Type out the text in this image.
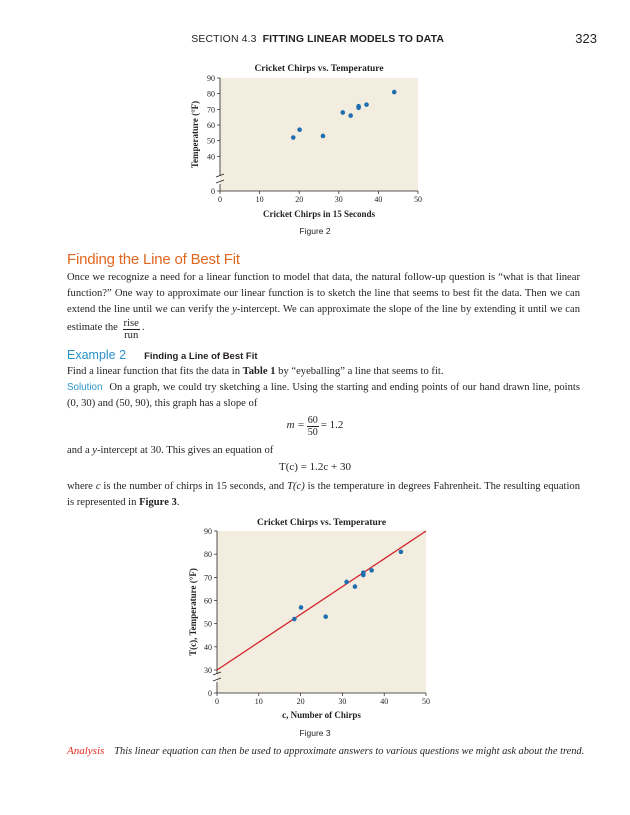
SECTION 4.3 FITTING LINEAR MODELS TO DATA	323
Cricket Chirps vs. Temperature
0	10	20	30	40	50
0
40
50
60
70
80
90
Cricket Chirps in 15 Seconds
Temperature (°F)
Figure 2
Finding the Line of Best Fit

Once we recognize a need for a linear function to model that data, the natural follow-up question is “what is that linear function?” One way to approximate our linear function is to sketch the line that seems to best fit the data. Then we can extend the line until we can verify the y-intercept. We can approximate the slope of the line by extending it until we can estimate the $\frac{\text{rise}}{\text{run}}$ .

Example 2 Finding a Line of Best Fit

Find a linear function that fits the data in Table 1 by “eyeballing” a line that seems to fit.

Solution On a graph, we could try sketching a line. Using the starting and ending points of our hand drawn line, points (0, 30) and (50, 90), this graph has a slope of

$m = \frac{60}{50} = 1.2$

and a y-intercept at 30. This gives an equation of

T(c) = 1.2c + 30

where c is the number of chirps in 15 seconds, and T(c) is the temperature in degrees Fahrenheit. The resulting equation is represented in Figure 3.

Cricket Chirps vs. Temperature
0	10	20	30	40	50
0
30
40
50
60
70
80
90
c, Number of Chirps
T(c), Temperature (°F)
Figure 3
Analysis This linear equation can then be used to approximate answers to various questions we might ask about the trend.
